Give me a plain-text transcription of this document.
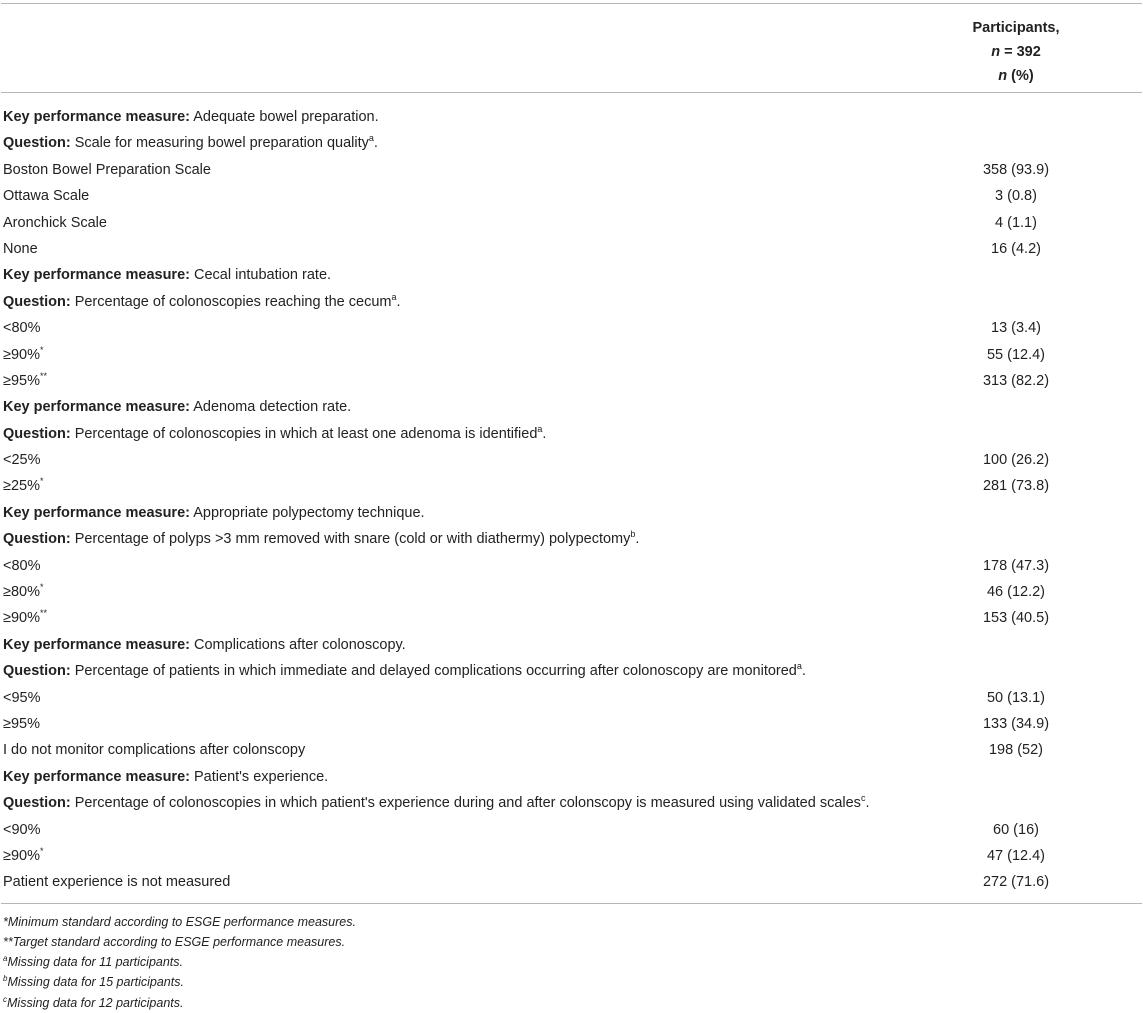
Participants,
n = 392
n (%)
Key performance measure: Adequate bowel preparation.
Question: Scale for measuring bowel preparation quality$^a$.
Boston Bowel Preparation Scale	358 (93.9)
Ottawa Scale	3 (0.8)
Aronchick Scale	4 (1.1)
None	16 (4.2)
Key performance measure: Cecal intubation rate.
Question: Percentage of colonoscopies reaching the cecum$^a$.
<80%	13 (3.4)
≥90%*	55 (12.4)
≥95%**	313 (82.2)
Key performance measure: Adenoma detection rate.
Question: Percentage of colonoscopies in which at least one adenoma is identified$^a$.
<25%	100 (26.2)
≥25%*	281 (73.8)
Key performance measure: Appropriate polypectomy technique.
Question: Percentage of polyps >3 mm removed with snare (cold or with diathermy) polypectomy$^b$.
<80%	178 (47.3)
≥80%*	46 (12.2)
≥90%**	153 (40.5)
Key performance measure: Complications after colonoscopy.
Question: Percentage of patients in which immediate and delayed complications occurring after colonoscopy are monitored$^a$.
<95%	50 (13.1)
≥95%	133 (34.9)
I do not monitor complications after colonscopy	198 (52)
Key performance measure: Patient's experience.
Question: Percentage of colonoscopies in which patient's experience during and after colonscopy is measured using validated scales$^c$.
<90%	60 (16)
≥90%*	47 (12.4)
Patient experience is not measured	272 (71.6)
*Minimum standard according to ESGE performance measures.
**Target standard according to ESGE performance measures.
$^a$Missing data for 11 participants.
$^b$Missing data for 15 participants.
$^c$Missing data for 12 participants.
